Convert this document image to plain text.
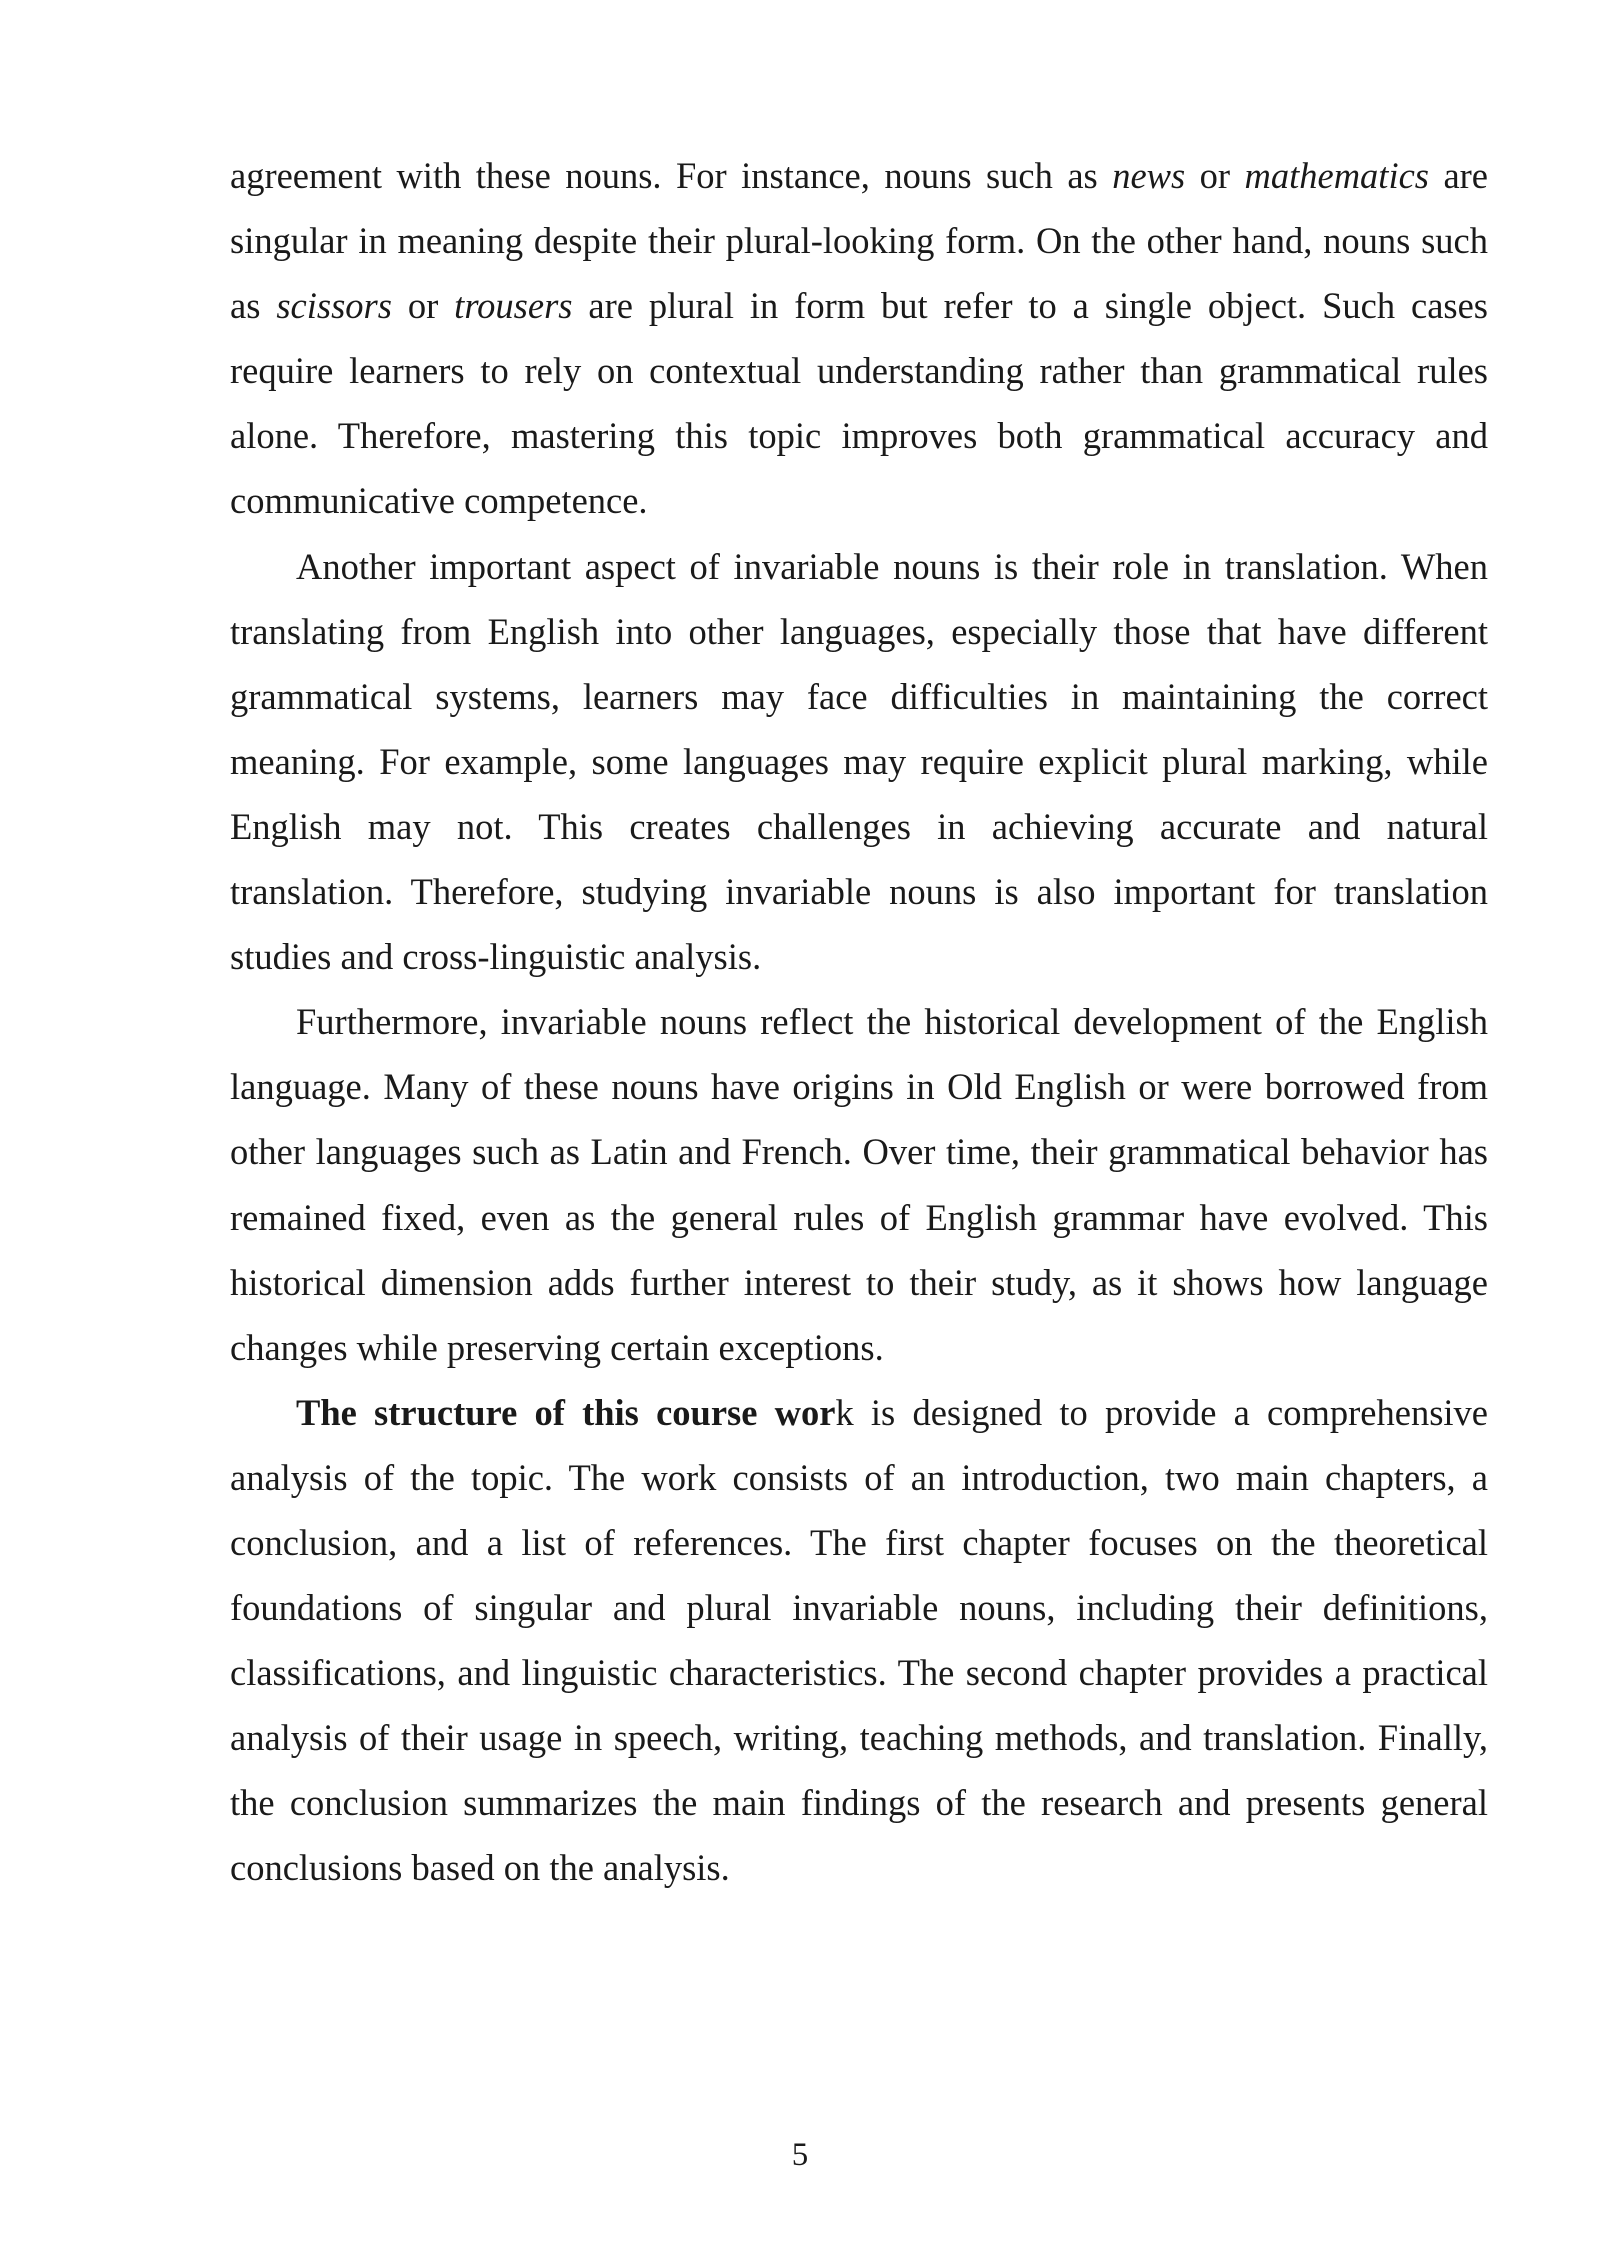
agreement with these nouns. For instance, nouns such as news or mathematics are singular in meaning despite their plural-looking form. On the other hand, nouns such as scissors or trousers are plural in form but refer to a single object. Such cases require learners to rely on contextual understanding rather than grammatical rules alone. Therefore, mastering this topic improves both grammatical accuracy and communicative competence.

Another important aspect of invariable nouns is their role in translation. When translating from English into other languages, especially those that have different grammatical systems, learners may face difficulties in maintaining the correct meaning. For example, some languages may require explicit plural marking, while English may not. This creates challenges in achieving accurate and natural translation. Therefore, studying invariable nouns is also important for translation studies and cross-linguistic analysis.

Furthermore, invariable nouns reflect the historical development of the English language. Many of these nouns have origins in Old English or were borrowed from other languages such as Latin and French. Over time, their grammatical behavior has remained fixed, even as the general rules of English grammar have evolved. This historical dimension adds further interest to their study, as it shows how language changes while preserving certain exceptions.

The structure of this course work is designed to provide a comprehensive analysis of the topic. The work consists of an introduction, two main chapters, a conclusion, and a list of references. The first chapter focuses on the theoretical foundations of singular and plural invariable nouns, including their definitions, classifications, and linguistic characteristics. The second chapter provides a practical analysis of their usage in speech, writing, teaching methods, and translation. Finally, the conclusion summarizes the main findings of the research and presents general conclusions based on the analysis.

5
